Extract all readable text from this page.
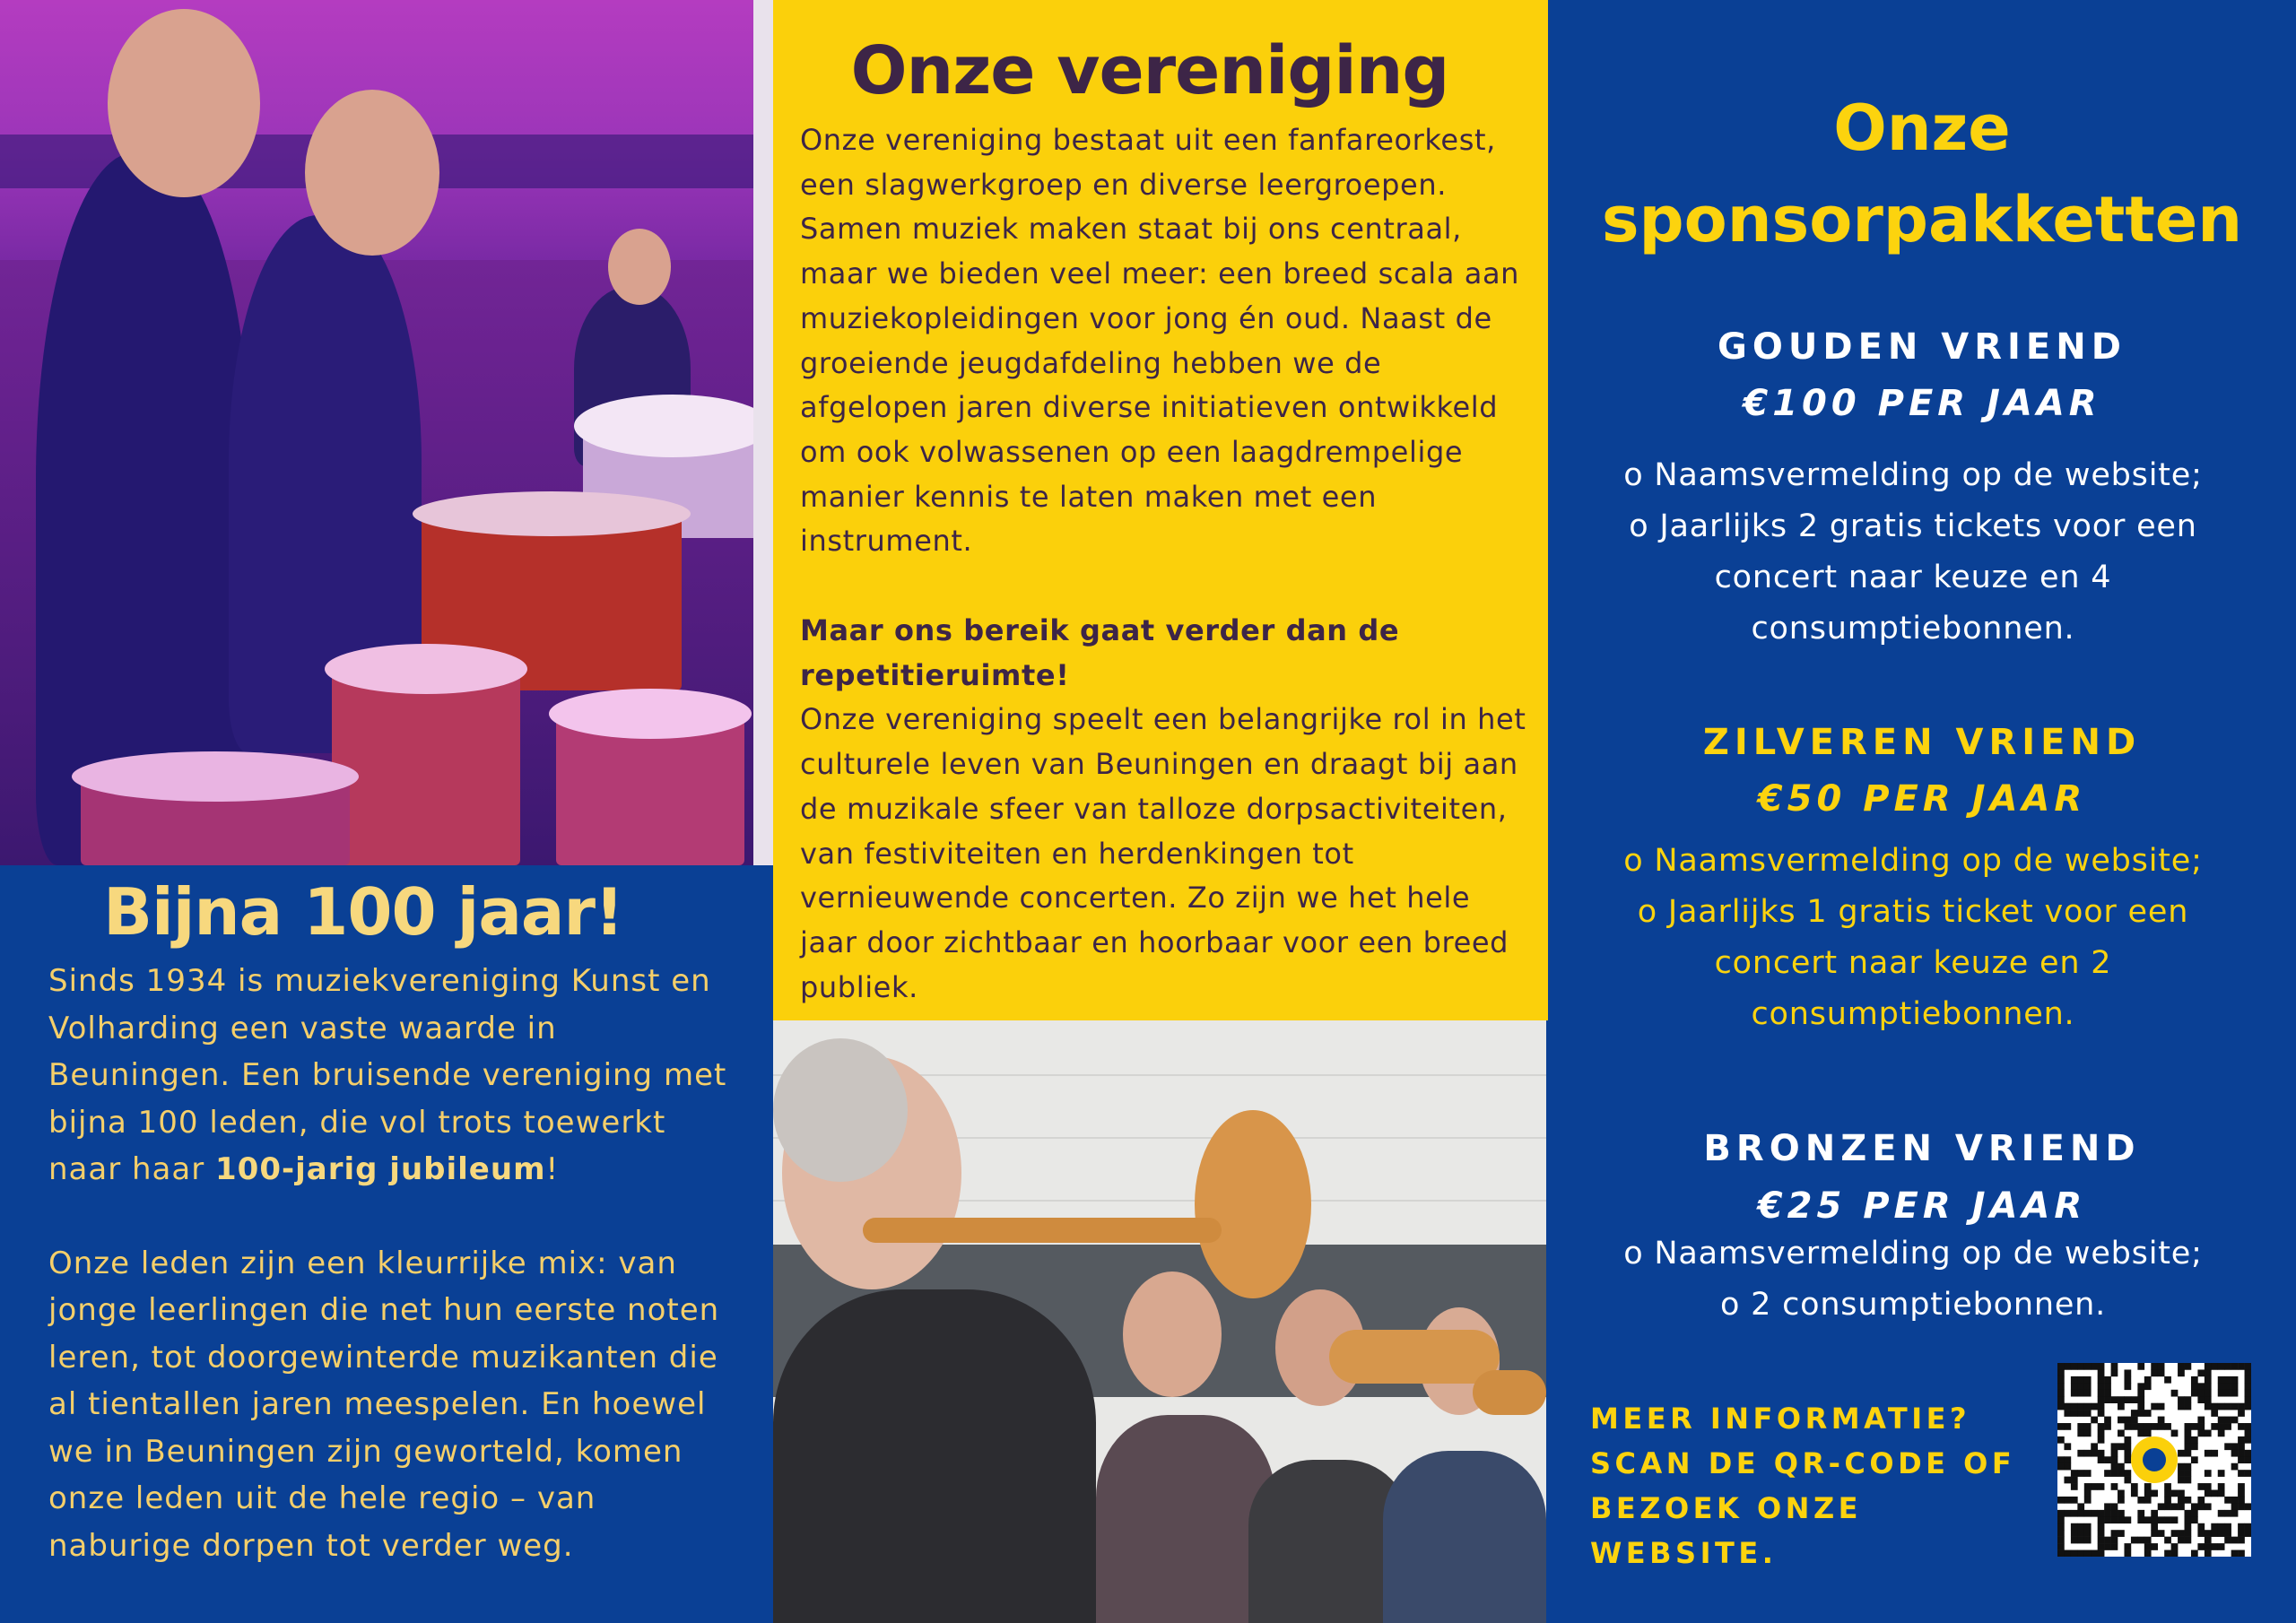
Bijna 100 jaar!
Sinds 1934 is muziekvereniging Kunst en Volharding een vaste waarde in Beuningen. Een bruisende vereniging met bijna 100 leden, die vol trots toewerkt naar haar 100-jarig jubileum!
Onze leden zijn een kleurrijke mix: van jonge leerlingen die net hun eerste noten leren, tot doorgewinterde muzikanten die al tientallen jaren meespelen. En hoewel we in Beuningen zijn geworteld, komen onze leden uit de hele regio – van naburige dorpen tot verder weg.
Onze vereniging
Onze vereniging bestaat uit een fanfareorkest, een slagwerkgroep en diverse leergroepen. Samen muziek maken staat bij ons centraal, maar we bieden veel meer: een breed scala aan muziekopleidingen voor jong én oud. Naast de groeiende jeugdafdeling hebben we de afgelopen jaren diverse initiatieven ontwikkeld om ook volwassenen op een laagdrempelige manier kennis te laten maken met een instrument.
Maar ons bereik gaat verder dan de repetitieruimte!
Onze vereniging speelt een belangrijke rol in het culturele leven van Beuningen en draagt bij aan de muzikale sfeer van talloze dorpsactiviteiten, van festiviteiten en herdenkingen tot vernieuwende concerten. Zo zijn we het hele jaar door zichtbaar en hoorbaar voor een breed publiek.
Onze
sponsorpakketten
GOUDEN VRIEND
€100 PER JAAR
o Naamsvermelding op de website;
o Jaarlijks 2 gratis tickets voor een concert naar keuze en 4 consumptiebonnen.
ZILVEREN VRIEND
€50 PER JAAR
o Naamsvermelding op de website;
o Jaarlijks 1 gratis ticket voor een concert naar keuze en 2 consumptiebonnen.
BRONZEN VRIEND
€25 PER JAAR
o Naamsvermelding op de website;
o 2 consumptiebonnen.
MEER INFORMATIE? SCAN DE QR-CODE OF BEZOEK ONZE WEBSITE.
